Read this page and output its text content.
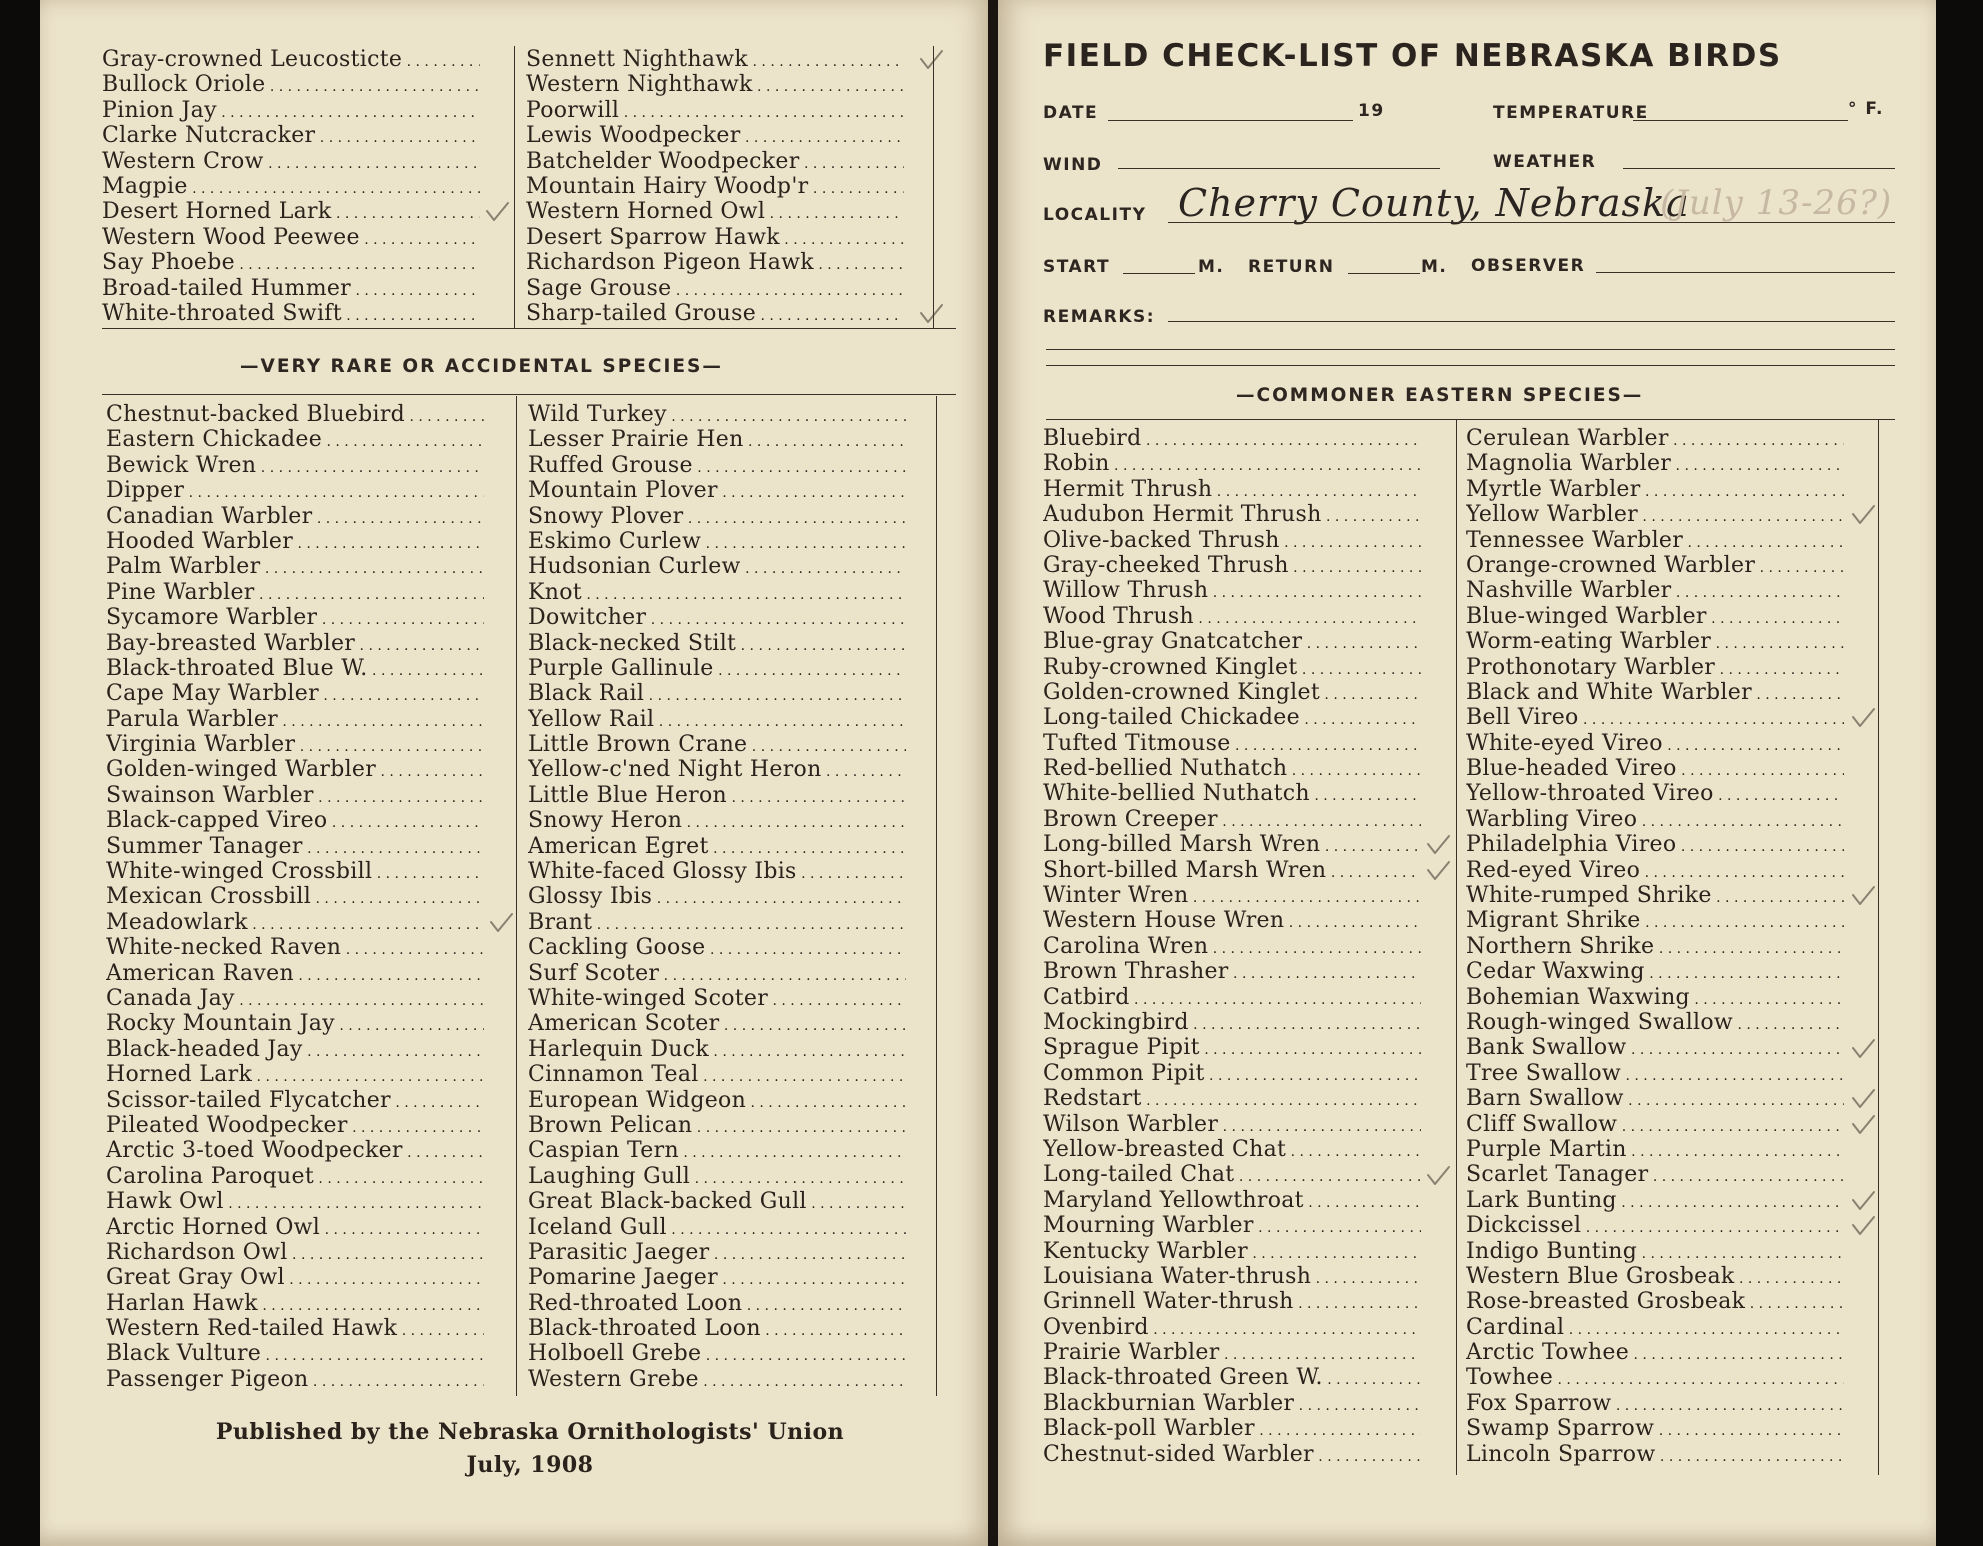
Gray-crowned Leucosticte . . .
Bullock Oriole . . .
Pinion Jay . . .
Clarke Nutcracker . . .
Western Crow . . .
Magpie . . .
Desert Horned Lark . . .
Western Wood Peewee . . .
Say Phoebe . . .
Broad-tailed Hummer . . .
White-throated Swift . . .
Sennett Nighthawk . . .
Western Nighthawk . . .
Poorwill . . .
Lewis Woodpecker . . .
Batchelder Woodpecker . . .
Mountain Hairy Woodp'r . . .
Western Horned Owl . . .
Desert Sparrow Hawk . . .
Richardson Pigeon Hawk . . .
Sage Grouse . . .
Sharp-tailed Grouse . . .
—VERY RARE OR ACCIDENTAL SPECIES—
Chestnut-backed Bluebird . . .
Eastern Chickadee . . .
Bewick Wren . . .
Dipper . . .
Canadian Warbler . . .
Hooded Warbler . . .
Palm Warbler . . .
Pine Warbler . . .
Sycamore Warbler . . .
Bay-breasted Warbler . . .
Black-throated Blue W. . . .
Cape May Warbler . . .
Parula Warbler . . .
Virginia Warbler . . .
Golden-winged Warbler . . .
Swainson Warbler . . .
Black-capped Vireo . . .
Summer Tanager . . .
White-winged Crossbill . . .
Mexican Crossbill . . .
Meadowlark . . .
White-necked Raven . . .
American Raven . . .
Canada Jay . . .
Rocky Mountain Jay . . .
Black-headed Jay . . .
Horned Lark . . .
Scissor-tailed Flycatcher . . .
Pileated Woodpecker . . .
Arctic 3-toed Woodpecker . . .
Carolina Paroquet . . .
Hawk Owl . . .
Arctic Horned Owl . . .
Richardson Owl . . .
Great Gray Owl . . .
Harlan Hawk . . .
Western Red-tailed Hawk . . .
Black Vulture . . .
Passenger Pigeon . . .
Wild Turkey . . .
Lesser Prairie Hen . . .
Ruffed Grouse . . .
Mountain Plover . . .
Snowy Plover . . .
Eskimo Curlew . . .
Hudsonian Curlew . . .
Knot . . .
Dowitcher . . .
Black-necked Stilt . . .
Purple Gallinule . . .
Black Rail . . .
Yellow Rail . . .
Little Brown Crane . . .
Yellow-c'ned Night Heron . . .
Little Blue Heron . . .
Snowy Heron . . .
American Egret . . .
White-faced Glossy Ibis . . .
Glossy Ibis . . .
Brant . . .
Cackling Goose . . .
Surf Scoter . . .
White-winged Scoter . . .
American Scoter . . .
Harlequin Duck . . .
Cinnamon Teal . . .
European Widgeon . . .
Brown Pelican . . .
Caspian Tern . . .
Laughing Gull . . .
Great Black-backed Gull . . .
Iceland Gull . . .
Parasitic Jaeger . . .
Pomarine Jaeger . . .
Red-throated Loon . . .
Black-throated Loon . . .
Holboell Grebe . . .
Western Grebe . . .
Published by the Nebraska Ornithologists' Union
July, 1908
FIELD CHECK-LIST OF NEBRASKA BIRDS
DATE	19	TEMPERATURE	° F.
WIND	WEATHER
LOCALITY Cherry County, Nebraska
(July 13-26?)
START	M. RETURN	M. OBSERVER
REMARKS:
—COMMONER EASTERN SPECIES—
Bluebird . . .
Robin . . .
Hermit Thrush . . .
Audubon Hermit Thrush . . .
Olive-backed Thrush . . .
Gray-cheeked Thrush . . .
Willow Thrush . . .
Wood Thrush . . .
Blue-gray Gnatcatcher . . .
Ruby-crowned Kinglet . . .
Golden-crowned Kinglet . . .
Long-tailed Chickadee . . .
Tufted Titmouse . . .
Red-bellied Nuthatch . . .
White-bellied Nuthatch . . .
Brown Creeper . . .
Long-billed Marsh Wren . . .
Short-billed Marsh Wren . . .
Winter Wren . . .
Western House Wren . . .
Carolina Wren . . .
Brown Thrasher . . .
Catbird . . .
Mockingbird . . .
Sprague Pipit . . .
Common Pipit . . .
Redstart . . .
Wilson Warbler . . .
Yellow-breasted Chat . . .
Long-tailed Chat . . .
Maryland Yellowthroat . . .
Mourning Warbler . . .
Kentucky Warbler . . .
Louisiana Water-thrush . . .
Grinnell Water-thrush . . .
Ovenbird . . .
Prairie Warbler . . .
Black-throated Green W. . . .
Blackburnian Warbler . . .
Black-poll Warbler . . .
Chestnut-sided Warbler . . .
Cerulean Warbler . . .
Magnolia Warbler . . .
Myrtle Warbler . . .
Yellow Warbler . . .
Tennessee Warbler . . .
Orange-crowned Warbler . . .
Nashville Warbler . . .
Blue-winged Warbler . . .
Worm-eating Warbler . . .
Prothonotary Warbler . . .
Black and White Warbler . . .
Bell Vireo . . .
White-eyed Vireo . . .
Blue-headed Vireo . . .
Yellow-throated Vireo . . .
Warbling Vireo . . .
Philadelphia Vireo . . .
Red-eyed Vireo . . .
White-rumped Shrike . . .
Migrant Shrike . . .
Northern Shrike . . .
Cedar Waxwing . . .
Bohemian Waxwing . . .
Rough-winged Swallow . . .
Bank Swallow . . .
Tree Swallow . . .
Barn Swallow . . .
Cliff Swallow . . .
Purple Martin . . .
Scarlet Tanager . . .
Lark Bunting . . .
Dickcissel . . .
Indigo Bunting . . .
Western Blue Grosbeak . . .
Rose-breasted Grosbeak . . .
Cardinal . . .
Arctic Towhee . . .
Towhee . . .
Fox Sparrow . . .
Swamp Sparrow . . .
Lincoln Sparrow . . .
